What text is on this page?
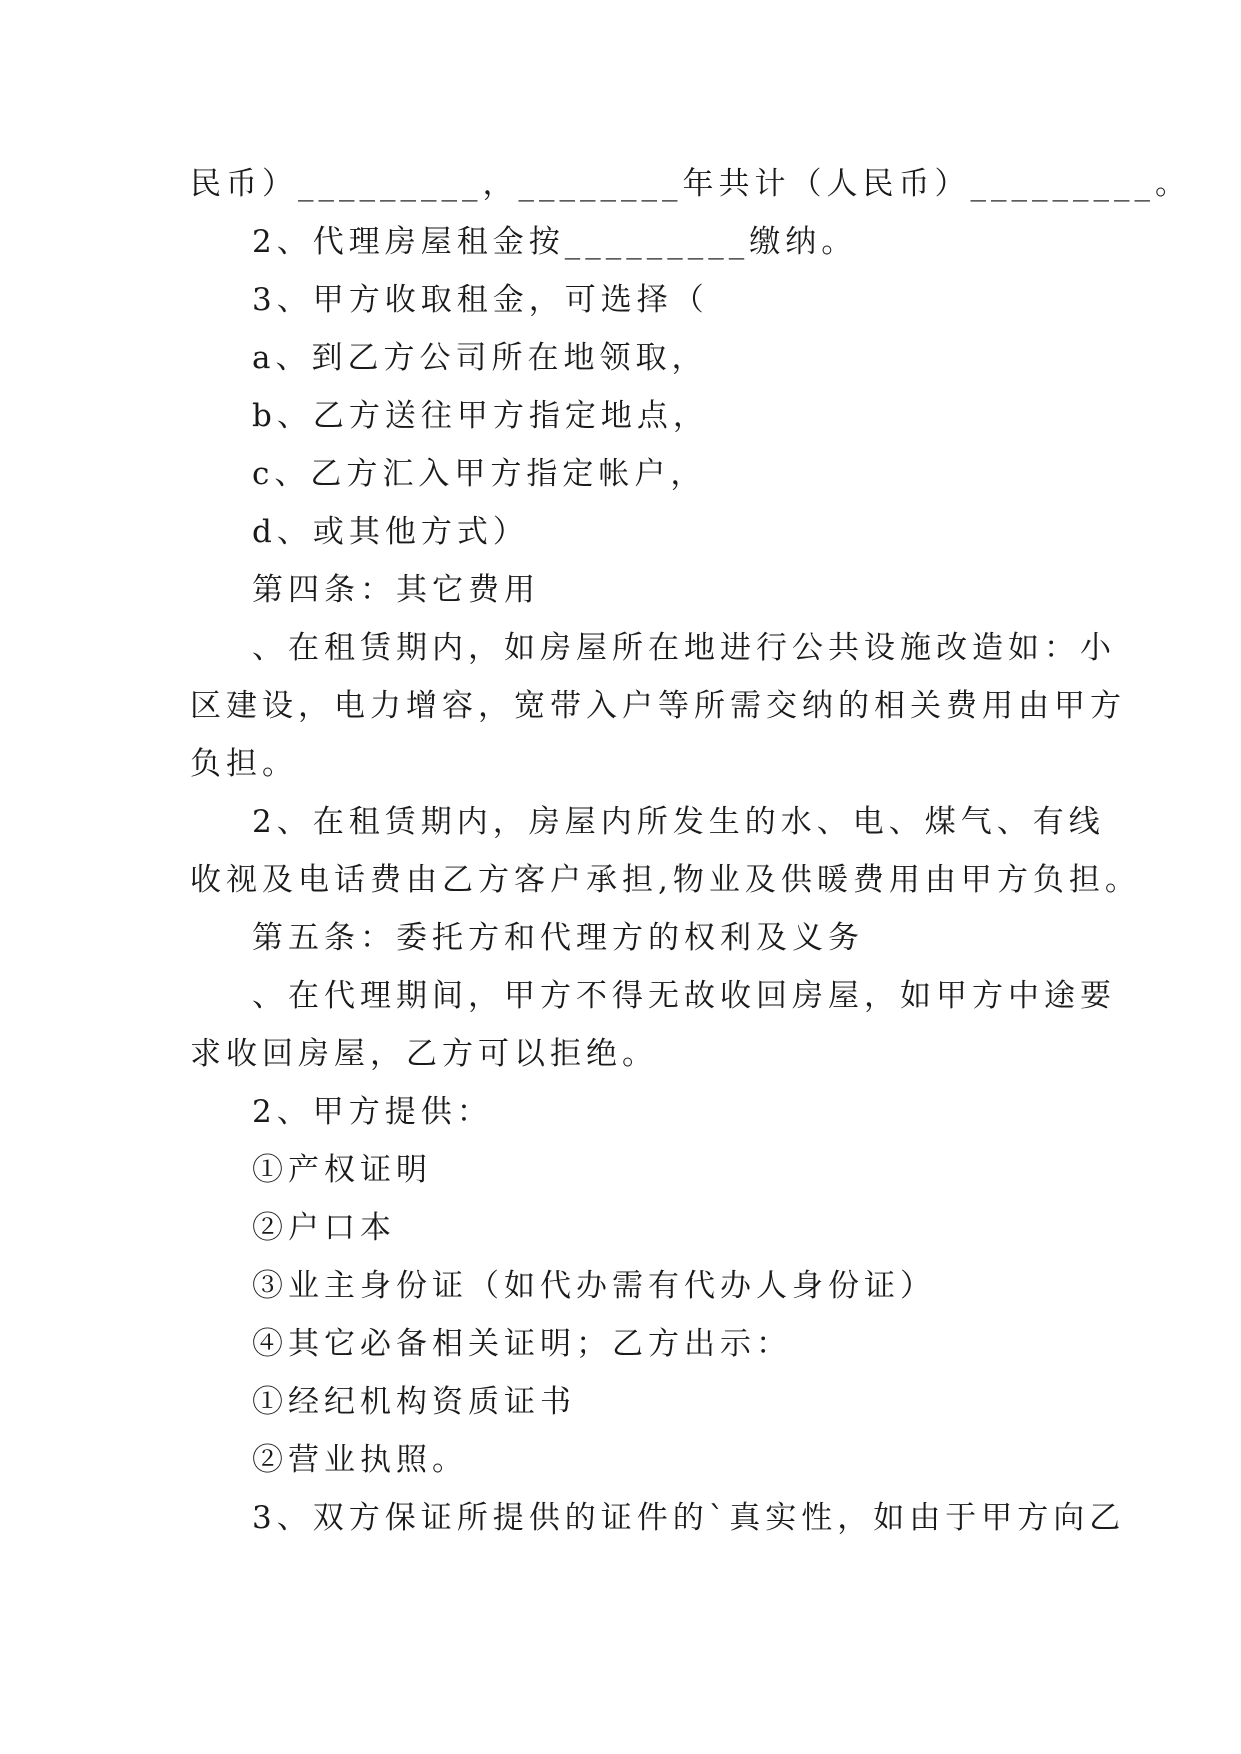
民币）_________，________年共计（人民币）_________。
2、代理房屋租金按_________缴纳。
3、甲方收取租金，可选择（
a、到乙方公司所在地领取，
b、乙方送往甲方指定地点，
c、乙方汇入甲方指定帐户，
d、或其他方式）
第四条：其它费用
、在租赁期内，如房屋所在地进行公共设施改造如：小
区建设，电力增容，宽带入户等所需交纳的相关费用由甲方
负担。
2、在租赁期内，房屋内所发生的水、电、煤气、有线
收视及电话费由乙方客户承担,物业及供暖费用由甲方负担。
第五条：委托方和代理方的权利及义务
、在代理期间，甲方不得无故收回房屋，如甲方中途要
求收回房屋，乙方可以拒绝。
2、甲方提供：
①产权证明
②户口本
③业主身份证（如代办需有代办人身份证）
④其它必备相关证明；乙方出示：
①经纪机构资质证书
②营业执照。
3、双方保证所提供的证件的`真实性，如由于甲方向乙
